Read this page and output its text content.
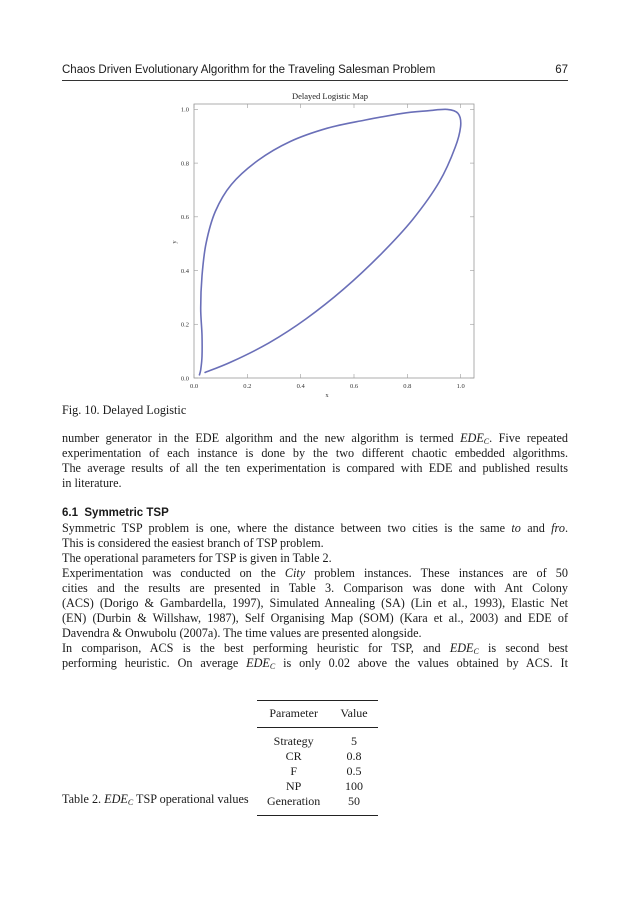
Chaos Driven Evolutionary Algorithm for the Traveling Salesman Problem	67
Delayed Logistic Map
0.0	0.2	0.4	0.6	0.8	1.0
0.0
0.2
0.4
0.6
0.8
1.0
x
y
Fig. 10. Delayed Logistic
number generator in the EDE algorithm and the new algorithm is termed $EDE_C$. Five repeated
experimentation of each instance is done by the two different chaotic embedded algorithms.
The average results of all the ten experimentation is compared with EDE and published results
in literature.
6.1 Symmetric TSP
Symmetric TSP problem is one, where the distance between two cities is the same to and fro.
This is considered the easiest branch of TSP problem.
The operational parameters for TSP is given in Table 2.
Experimentation was conducted on the City problem instances. These instances are of 50
cities and the results are presented in Table 3. Comparison was done with Ant Colony
(ACS) (Dorigo & Gambardella, 1997), Simulated Annealing (SA) (Lin et al., 1993), Elastic Net
(EN) (Durbin & Willshaw, 1987), Self Organising Map (SOM) (Kara et al., 2003) and EDE of
Davendra & Onwubolu (2007a). The time values are presented alongside.
In comparison, ACS is the best performing heuristic for TSP, and $EDE_C$ is second best
performing heuristic. On average $EDE_C$ is only 0.02 above the values obtained by ACS. It
Parameter	Value
Strategy	5
CR	0.8
F	0.5
NP	100
Generation	50
Table 2. $EDE_C$ TSP operational values
